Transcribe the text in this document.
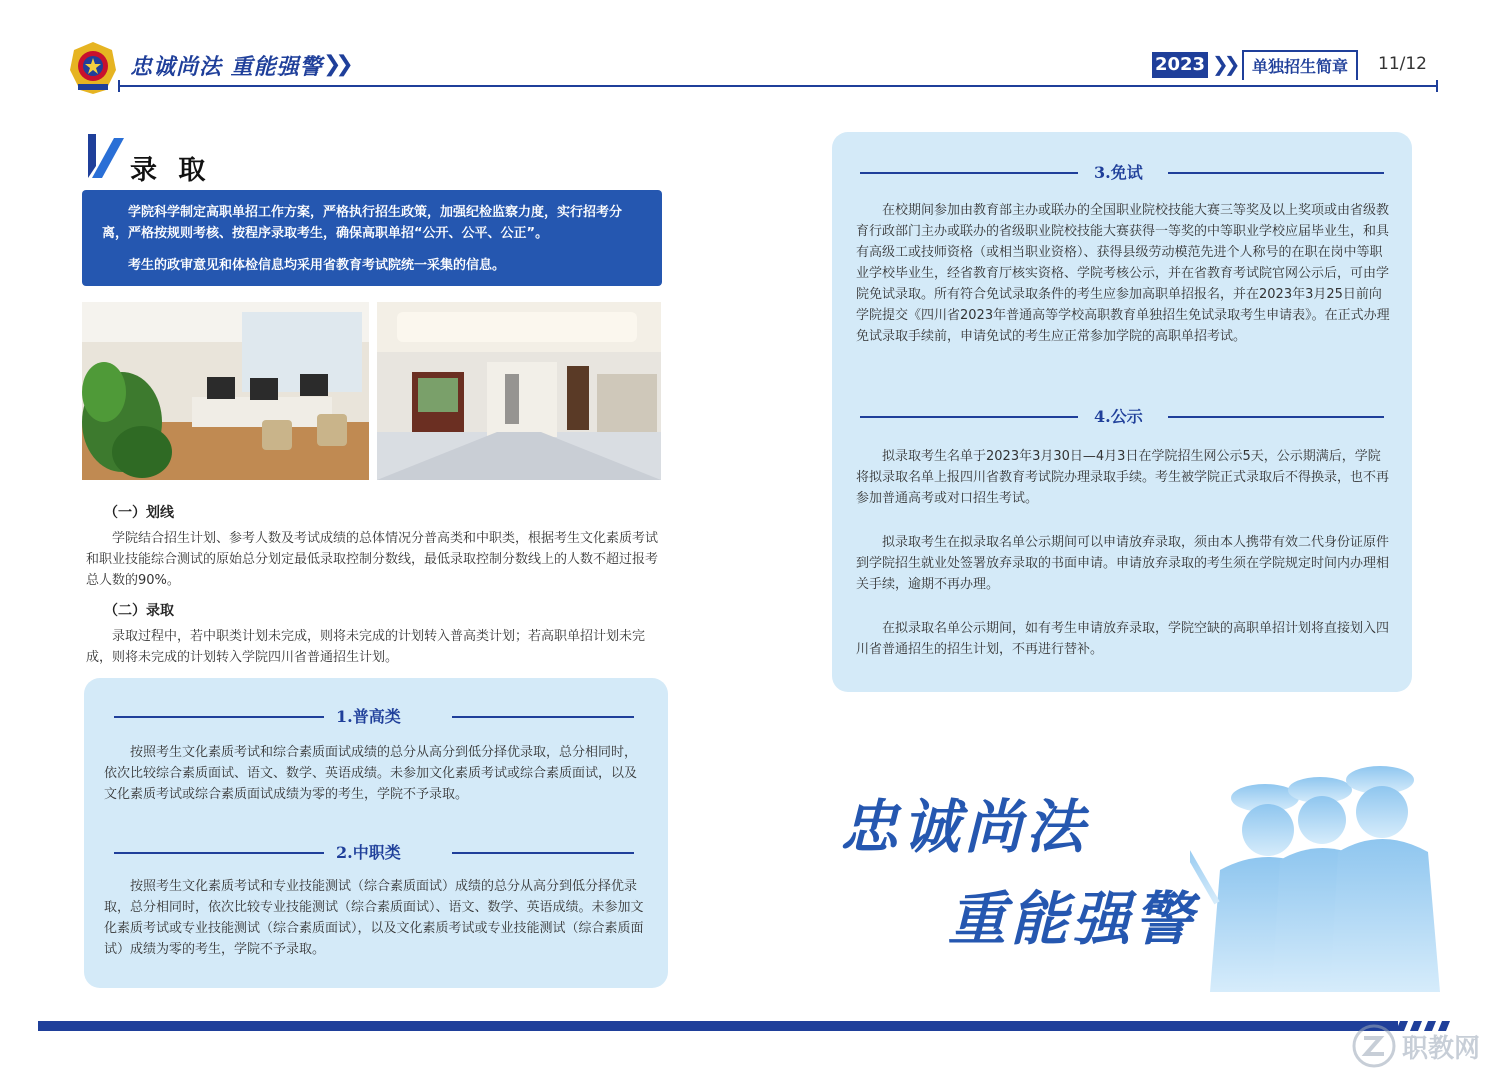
忠诚尚法 重能强警 ❯❯	2023 ❯❯	单独招生简章	11/12
录 取

学院科学制定高职单招工作方案，严格执行招生政策，加强纪检监察力度，实行招考分离，严格按规则考核、按程序录取考生，确保高职单招“公开、公平、公正”。

考生的政审意见和体检信息均采用省教育考试院统一采集的信息。

（一）划线

学院结合招生计划、参考人数及考试成绩的总体情况分普高类和中职类，根据考生文化素质考试和职业技能综合测试的原始总分划定最低录取控制分数线，最低录取控制分数线上的人数不超过报考总人数的90%。

（二）录取

录取过程中，若中职类计划未完成，则将未完成的计划转入普高类计划；若高职单招计划未完成，则将未完成的计划转入学院四川省普通招生计划。

1.普高类

按照考生文化素质考试和综合素质面试成绩的总分从高分到低分择优录取，总分相同时，依次比较综合素质面试、语文、数学、英语成绩。未参加文化素质考试或综合素质面试，以及文化素质考试或综合素质面试成绩为零的考生，学院不予录取。

2.中职类

按照考生文化素质考试和专业技能测试（综合素质面试）成绩的总分从高分到低分择优录取，总分相同时，依次比较专业技能测试（综合素质面试）、语文、数学、英语成绩。未参加文化素质考试或专业技能测试（综合素质面试），以及文化素质考试或专业技能测试（综合素质面试）成绩为零的考生，学院不予录取。

3.免试

在校期间参加由教育部主办或联办的全国职业院校技能大赛三等奖及以上奖项或由省级教育行政部门主办或联办的省级职业院校技能大赛获得一等奖的中等职业学校应届毕业生，和具有高级工或技师资格（或相当职业资格）、获得县级劳动模范先进个人称号的在职在岗中等职业学校毕业生，经省教育厅核实资格、学院考核公示，并在省教育考试院官网公示后，可由学院免试录取。所有符合免试录取条件的考生应参加高职单招报名，并在2023年3月25日前向学院提交《四川省2023年普通高等学校高职教育单独招生免试录取考生申请表》。在正式办理免试录取手续前，申请免试的考生应正常参加学院的高职单招考试。

4.公示

拟录取考生名单于2023年3月30日—4月3日在学院招生网公示5天，公示期满后，学院将拟录取名单上报四川省教育考试院办理录取手续。考生被学院正式录取后不得换录，也不再参加普通高考或对口招生考试。

拟录取考生在拟录取名单公示期间可以申请放弃录取，须由本人携带有效二代身份证原件到学院招生就业处签署放弃录取的书面申请。申请放弃录取的考生须在学院规定时间内办理相关手续，逾期不再办理。

在拟录取名单公示期间，如有考生申请放弃录取，学院空缺的高职单招计划将直接划入四川省普通招生的招生计划，不再进行替补。

忠诚尚法
重能强警
职教网
